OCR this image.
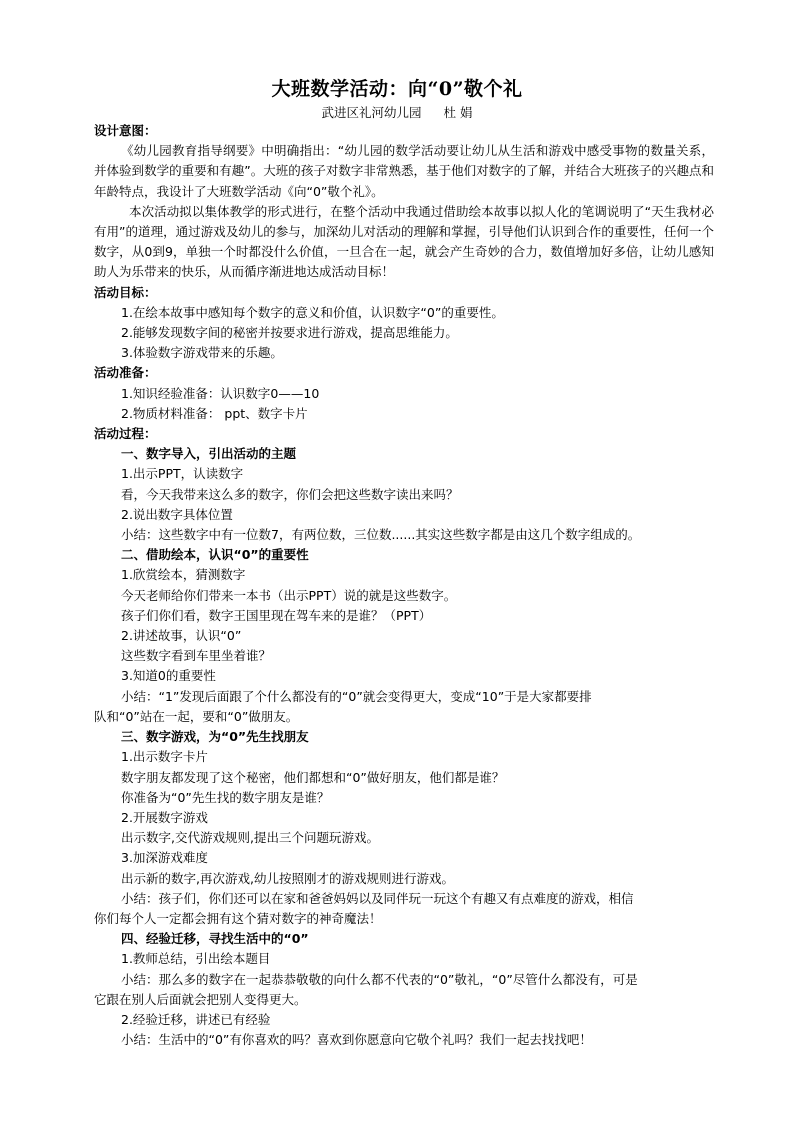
大班数学活动：向“0”敬个礼
武进区礼河幼儿园 杜 娟
设计意图：
《幼儿园教育指导纲要》中明确指出：“幼儿园的数学活动要让幼儿从生活和游戏中感受事物的数量关系，并体验到数学的重要和有趣”。大班的孩子对数字非常熟悉，基于他们对数字的了解，并结合大班孩子的兴趣点和年龄特点，我设计了大班数学活动《向“0”敬个礼》。
本次活动拟以集体教学的形式进行，在整个活动中我通过借助绘本故事以拟人化的笔调说明了“天生我材必有用”的道理，通过游戏及幼儿的参与，加深幼儿对活动的理解和掌握，引导他们认识到合作的重要性，任何一个数字，从0到9，单独一个时都没什么价值，一旦合在一起，就会产生奇妙的合力，数值增加好多倍，让幼儿感知助人为乐带来的快乐，从而循序渐进地达成活动目标！
活动目标：
1.在绘本故事中感知每个数字的意义和价值，认识数字“0”的重要性。
2.能够发现数字间的秘密并按要求进行游戏，提高思维能力。
3.体验数字游戏带来的乐趣。
活动准备：
1.知识经验准备：认识数字0——10
2.物质材料准备： ppt、数字卡片
活动过程：
一、数字导入，引出活动的主题
1.出示PPT，认读数字
看，今天我带来这么多的数字，你们会把这些数字读出来吗？
2.说出数字具体位置
小结：这些数字中有一位数7，有两位数，三位数......其实这些数字都是由这几个数字组成的。
二、借助绘本，认识“0”的重要性
1.欣赏绘本，猜测数字
今天老师给你们带来一本书（出示PPT）说的就是这些数字。
孩子们你们看，数字王国里现在驾车来的是谁？（PPT）
2.讲述故事，认识“0”
这些数字看到车里坐着谁？
3.知道0的重要性
小结：“1”发现后面跟了个什么都没有的“0”就会变得更大，变成“10”于是大家都要排
队和“0”站在一起，要和“0”做朋友。
三、数字游戏，为“0”先生找朋友
1.出示数字卡片
数字朋友都发现了这个秘密，他们都想和“0”做好朋友，他们都是谁？
你准备为“0”先生找的数字朋友是谁？
2.开展数字游戏
出示数字,交代游戏规则,提出三个问题玩游戏。
3.加深游戏难度
出示新的数字,再次游戏,幼儿按照刚才的游戏规则进行游戏。
小结：孩子们，你们还可以在家和爸爸妈妈以及同伴玩一玩这个有趣又有点难度的游戏，相信
你们每个人一定都会拥有这个猜对数字的神奇魔法！
四、经验迁移，寻找生活中的“0”
1.教师总结，引出绘本题目
小结：那么多的数字在一起恭恭敬敬的向什么都不代表的“0”敬礼，“0”尽管什么都没有，可是
它跟在别人后面就会把别人变得更大。
2.经验迁移，讲述已有经验
小结：生活中的“0”有你喜欢的吗？喜欢到你愿意向它敬个礼吗？我们一起去找找吧！
